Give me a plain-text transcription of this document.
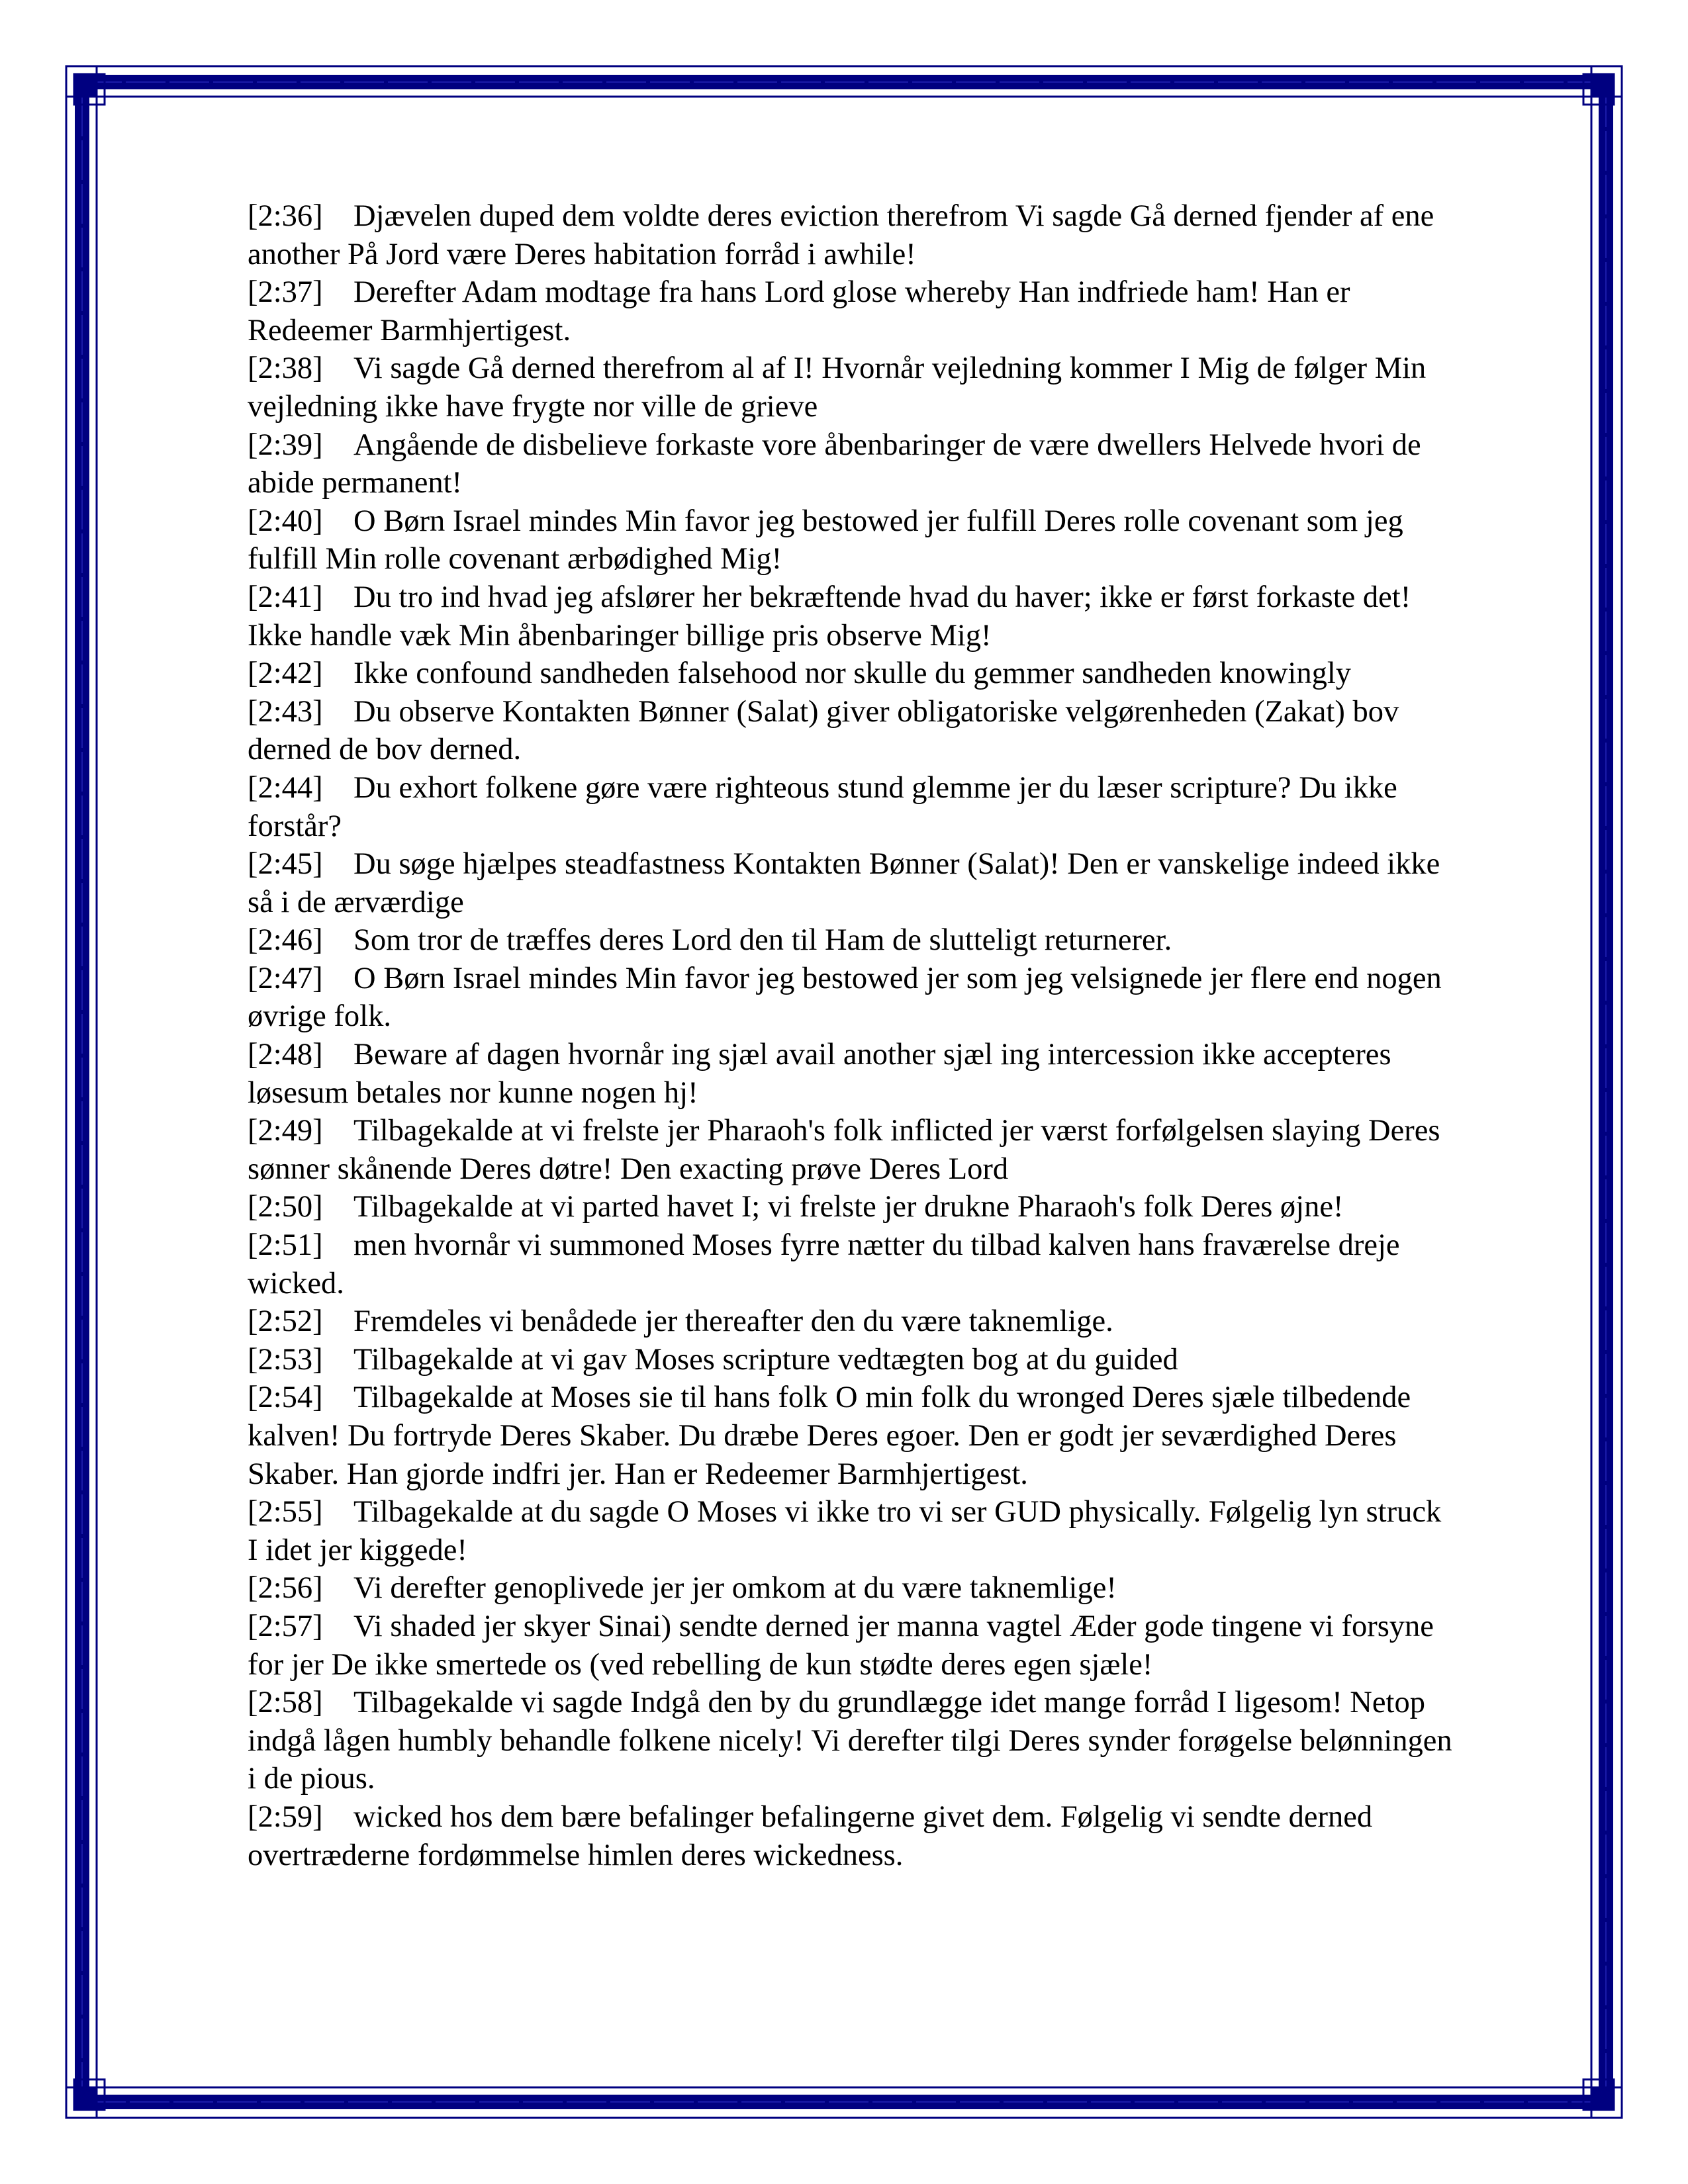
[2:36] Djævelen duped dem voldte deres eviction therefrom Vi sagde Gå derned fjender af ene another På Jord være Deres habitation forråd i awhile!

[2:37] Derefter Adam modtage fra hans Lord glose whereby Han indfriede ham! Han er Redeemer Barmhjertigest.

[2:38] Vi sagde Gå derned therefrom al af I! Hvornår vejledning kommer I Mig de følger Min vejledning ikke have frygte nor ville de grieve

[2:39] Angående de disbelieve forkaste vore åbenbaringer de være dwellers Helvede hvori de abide permanent!

[2:40] O Børn Israel mindes Min favor jeg bestowed jer fulfill Deres rolle covenant som jeg fulfill Min rolle covenant ærbødighed Mig!

[2:41] Du tro ind hvad jeg afslører her bekræftende hvad du haver; ikke er først forkaste det! Ikke handle væk Min åbenbaringer billige pris observe Mig!

[2:42] Ikke confound sandheden falsehood nor skulle du gemmer sandheden knowingly

[2:43] Du observe Kontakten Bønner (Salat) giver obligatoriske velgørenheden (Zakat) bov derned de bov derned.

[2:44] Du exhort folkene gøre være righteous stund glemme jer du læser scripture? Du ikke forstår?

[2:45] Du søge hjælpes steadfastness Kontakten Bønner (Salat)! Den er vanskelige indeed ikke så i de ærværdige

[2:46] Som tror de træffes deres Lord den til Ham de slutteligt returnerer.

[2:47] O Børn Israel mindes Min favor jeg bestowed jer som jeg velsignede jer flere end nogen øvrige folk.

[2:48] Beware af dagen hvornår ing sjæl avail another sjæl ing intercession ikke accepteres løsesum betales nor kunne nogen hj!

[2:49] Tilbagekalde at vi frelste jer Pharaoh's folk inflicted jer værst forfølgelsen slaying Deres sønner skånende Deres døtre! Den exacting prøve Deres Lord

[2:50] Tilbagekalde at vi parted havet I; vi frelste jer drukne Pharaoh's folk Deres øjne!

[2:51] men hvornår vi summoned Moses fyrre nætter du tilbad kalven hans fraværelse dreje wicked.

[2:52] Fremdeles vi benådede jer thereafter den du være taknemlige.

[2:53] Tilbagekalde at vi gav Moses scripture vedtægten bog at du guided

[2:54] Tilbagekalde at Moses sie til hans folk O min folk du wronged Deres sjæle tilbedende kalven! Du fortryde Deres Skaber. Du dræbe Deres egoer. Den er godt jer seværdighed Deres Skaber. Han gjorde indfri jer. Han er Redeemer Barmhjertigest.

[2:55] Tilbagekalde at du sagde O Moses vi ikke tro vi ser GUD physically. Følgelig lyn struck I idet jer kiggede!

[2:56] Vi derefter genoplivede jer jer omkom at du være taknemlige!

[2:57] Vi shaded jer skyer Sinai) sendte derned jer manna vagtel Æder gode tingene vi forsyne for jer De ikke smertede os (ved rebelling de kun stødte deres egen sjæle!

[2:58] Tilbagekalde vi sagde Indgå den by du grundlægge idet mange forråd I ligesom! Netop indgå lågen humbly behandle folkene nicely! Vi derefter tilgi Deres synder forøgelse belønningen i de pious.

[2:59] wicked hos dem bære befalinger befalingerne givet dem. Følgelig vi sendte derned overtræderne fordømmelse himlen deres wickedness.
